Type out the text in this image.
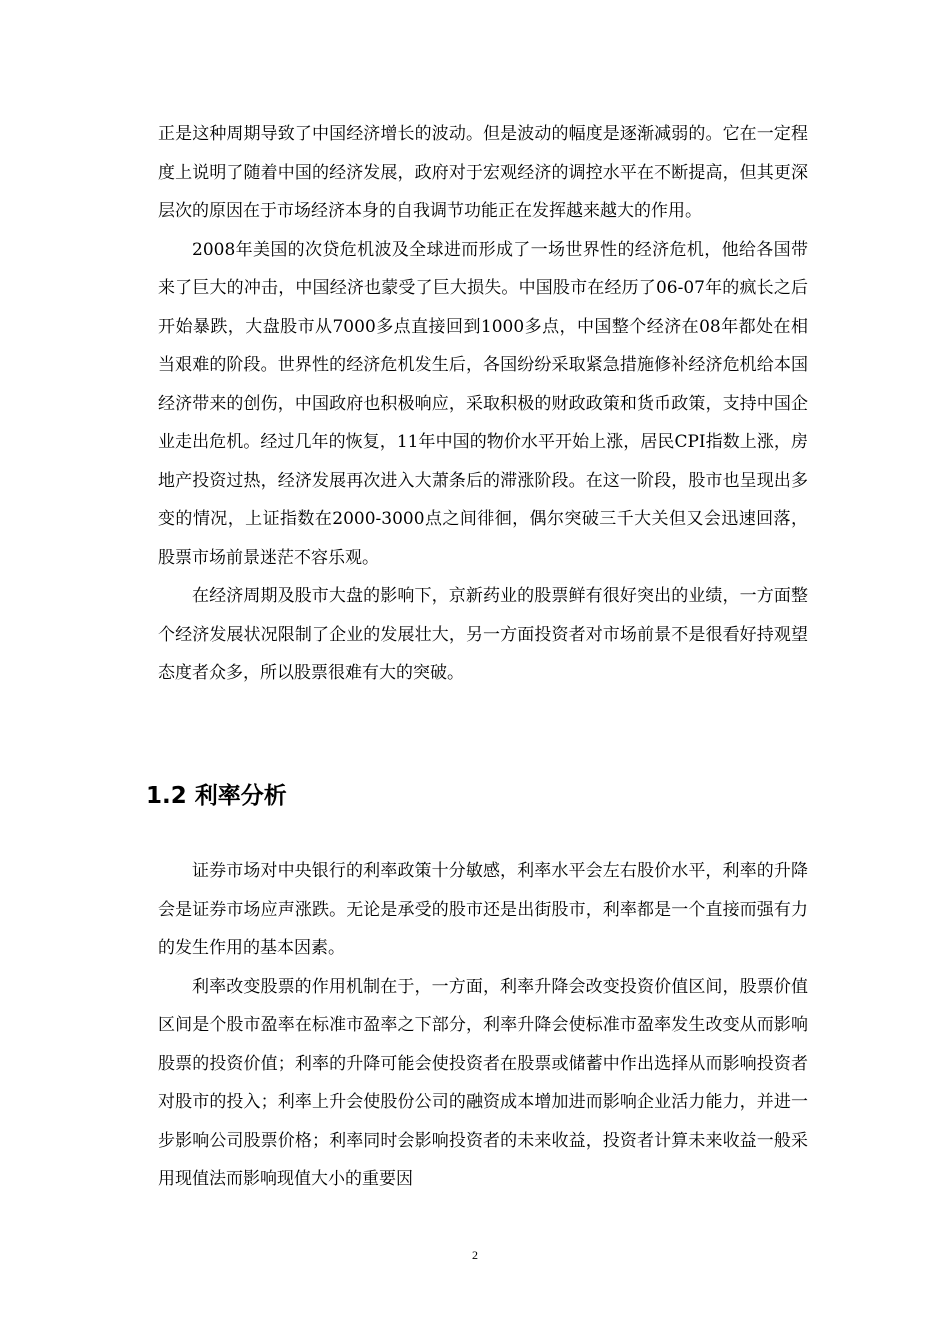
正是这种周期导致了中国经济增长的波动。但是波动的幅度是逐渐减弱的。它在一定程度上说明了随着中国的经济发展，政府对于宏观经济的调控水平在不断提高，但其更深层次的原因在于市场经济本身的自我调节功能正在发挥越来越大的作用。

2008年美国的次贷危机波及全球进而形成了一场世界性的经济危机，他给各国带来了巨大的冲击，中国经济也蒙受了巨大损失。中国股市在经历了06-07年的疯长之后开始暴跌，大盘股市从7000多点直接回到1000多点，中国整个经济在08年都处在相当艰难的阶段。世界性的经济危机发生后，各国纷纷采取紧急措施修补经济危机给本国经济带来的创伤，中国政府也积极响应，采取积极的财政政策和货币政策，支持中国企业走出危机。经过几年的恢复，11年中国的物价水平开始上涨，居民CPI指数上涨，房地产投资过热，经济发展再次进入大萧条后的滞涨阶段。在这一阶段，股市也呈现出多变的情况，上证指数在2000-3000点之间徘徊，偶尔突破三千大关但又会迅速回落，股票市场前景迷茫不容乐观。

在经济周期及股市大盘的影响下，京新药业的股票鲜有很好突出的业绩，一方面整个经济发展状况限制了企业的发展壮大，另一方面投资者对市场前景不是很看好持观望态度者众多，所以股票很难有大的突破。

1.2 利率分析

证券市场对中央银行的利率政策十分敏感，利率水平会左右股价水平，利率的升降会是证券市场应声涨跌。无论是承受的股市还是出街股市，利率都是一个直接而强有力的发生作用的基本因素。

利率改变股票的作用机制在于，一方面，利率升降会改变投资价值区间，股票价值区间是个股市盈率在标准市盈率之下部分，利率升降会使标准市盈率发生改变从而影响股票的投资价值；利率的升降可能会使投资者在股票或储蓄中作出选择从而影响投资者对股市的投入；利率上升会使股份公司的融资成本增加进而影响企业活力能力，并进一步影响公司股票价格；利率同时会影响投资者的未来收益，投资者计算未来收益一般采用现值法而影响现值大小的重要因

2
